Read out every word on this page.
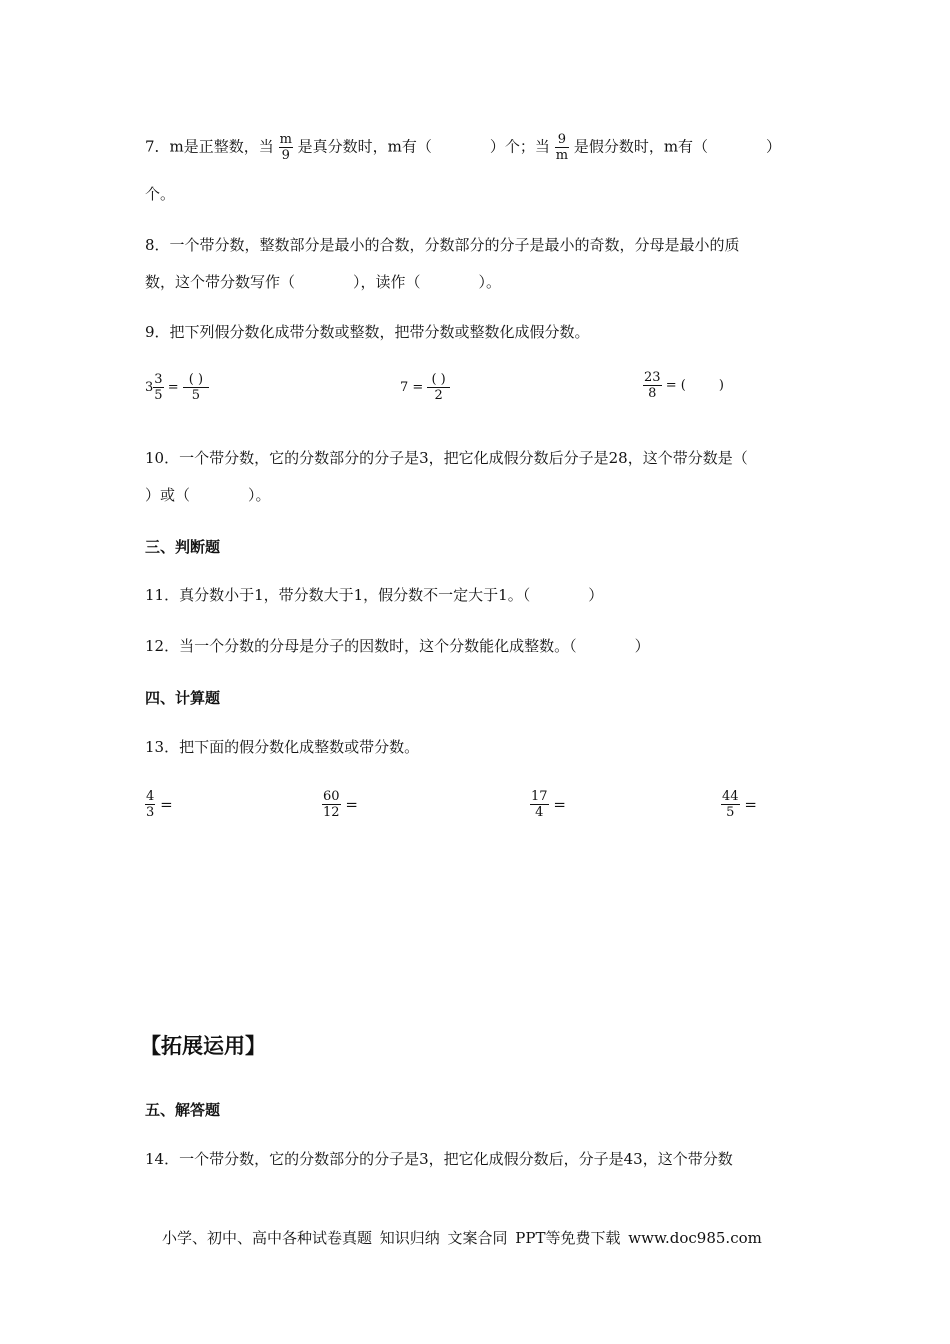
7．m是正整数，当 $\frac{m}{9}$ 是真分数时，m有（	）个；当 $\frac{9}{m}$ 是假分数时，m有（	）
个。
8．一个带分数，整数部分是最小的合数，分数部分的分子是最小的奇数，分母是最小的质
数，这个带分数写作（	），读作（	）。
9．把下列假分数化成带分数或整数，把带分数或整数化成假分数。
$3 \frac{3}{5} = \frac{( )}{5}$	$7 = \frac{( )}{2}$	$\frac{23}{8}$ = (        )
10．一个带分数，它的分数部分的分子是3，把它化成假分数后分子是28，这个带分数是（
）或（	）。
三、判断题
11．真分数小于1，带分数大于1，假分数不一定大于1。（	）
12．当一个分数的分母是分子的因数时，这个分数能化成整数。（	）
四、计算题
13．把下面的假分数化成整数或带分数。
$\frac{4}{3}$ =	$\frac{60}{12}$ =	$\frac{17}{4}$ =	$\frac{44}{5}$ =
【拓展运用】
五、解答题
14．一个带分数，它的分数部分的分子是3，把它化成假分数后，分子是43，这个带分数
小学、初中、高中各种试卷真题 知识归纳 文案合同 PPT等免费下载 www.doc985.com
